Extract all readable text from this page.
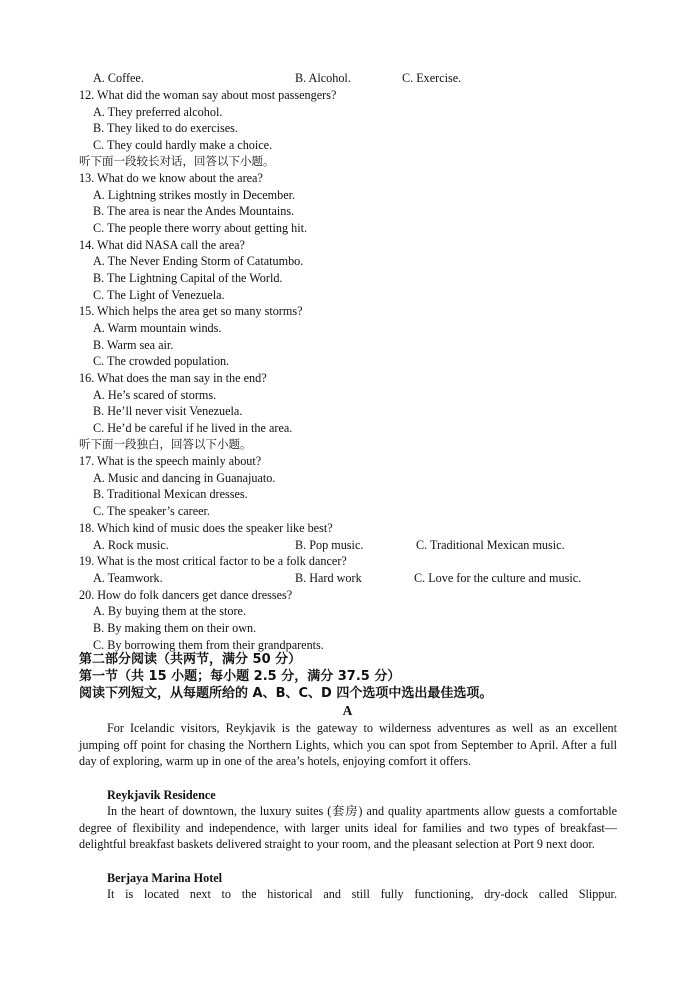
A. Coffee.	B. Alcohol.	C. Exercise.
12. What did the woman say about most passengers?
A. They preferred alcohol.
B. They liked to do exercises.
C. They could hardly make a choice.
听下面一段较长对话，回答以下小题。
13. What do we know about the area?
A. Lightning strikes mostly in December.
B. The area is near the Andes Mountains.
C. The people there worry about getting hit.
14. What did NASA call the area?
A. The Never Ending Storm of Catatumbo.
B. The Lightning Capital of the World.
C. The Light of Venezuela.
15. Which helps the area get so many storms?
A. Warm mountain winds.
B. Warm sea air.
C. The crowded population.
16. What does the man say in the end?
A. He’s scared of storms.
B. He’ll never visit Venezuela.
C. He’d be careful if he lived in the area.
听下面一段独白，回答以下小题。
17. What is the speech mainly about?
A. Music and dancing in Guanajuato.
B. Traditional Mexican dresses.
C. The speaker’s career.
18. Which kind of music does the speaker like best?
A. Rock music.	B. Pop music.	C. Traditional Mexican music.
19. What is the most critical factor to be a folk dancer?
A. Teamwork.	B. Hard work	C. Love for the culture and music.
20. How do folk dancers get dance dresses?
A. By buying them at the store.
B. By making them on their own.
C. By borrowing them from their grandparents.
第二部分阅读（共两节，满分 50 分）
第一节（共 15 小题；每小题 2.5 分，满分 37.5 分）
阅读下列短文，从每题所给的 A、B、C、D 四个选项中选出最佳选项。
A
For Icelandic visitors, Reykjavik is the gateway to wilderness adventures as well as an excellent jumping off point for chasing the Northern Lights, which you can spot from September to April. After a full day of exploring, warm up in one of the area’s hotels, enjoying comfort it offers.
Reykjavik Residence
In the heart of downtown, the luxury suites (套房) and quality apartments allow guests a comfortable degree of flexibility and independence, with larger units ideal for families and two types of breakfast—delightful breakfast baskets delivered straight to your room, and the pleasant selection at Port 9 next door.
Berjaya Marina Hotel
It is located next to the historical and still fully functioning, dry-dock called Slippur.
